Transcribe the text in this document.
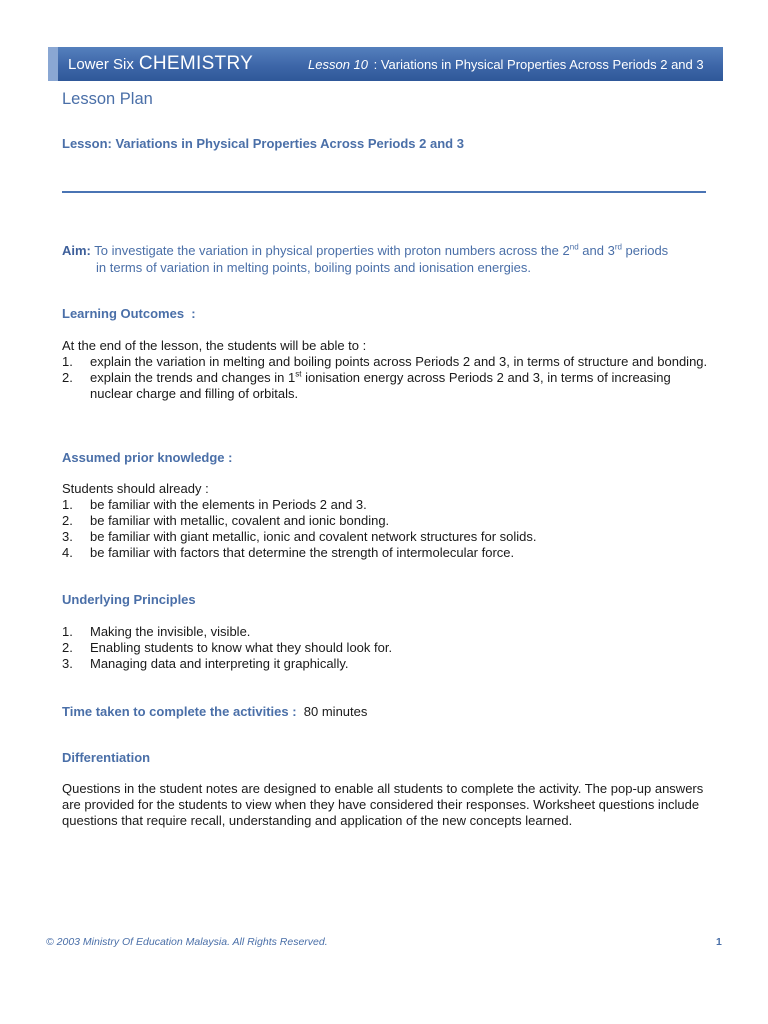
Lower Six CHEMISTRY	Lesson 10 : Variations in Physical Properties Across Periods 2 and 3
Lesson Plan
Lesson: Variations in Physical Properties Across Periods 2 and 3
Aim: To investigate the variation in physical properties with proton numbers across the 2nd and 3rd periods
in terms of variation in melting points, boiling points and ionisation energies.
Learning Outcomes  :
At the end of the lesson, the students will be able to :
1.	explain the variation in melting and boiling points across Periods 2 and 3, in terms of structure and bonding.
2.	explain the trends and changes in 1st ionisation energy across Periods 2 and 3, in terms of increasing nuclear charge and filling of orbitals.
Assumed prior knowledge :
Students should already :
1.	be familiar with the elements in Periods 2 and 3.
2.	be familiar with metallic, covalent and ionic bonding.
3.	be familiar with giant metallic, ionic and covalent network structures for solids.
4.	be familiar with factors that determine the strength of intermolecular force.
Underlying Principles
1.	Making the invisible, visible.
2.	Enabling students to know what they should look for.
3.	Managing data and interpreting it graphically.
Time taken to complete the activities :  80 minutes
Differentiation
Questions in the student notes are designed to enable all students to complete the activity. The pop-up answers are provided for the students to view when they have considered their responses. Worksheet questions include questions that require recall, understanding and application of the new concepts learned.
© 2003 Ministry Of Education Malaysia. All Rights Reserved.	1
